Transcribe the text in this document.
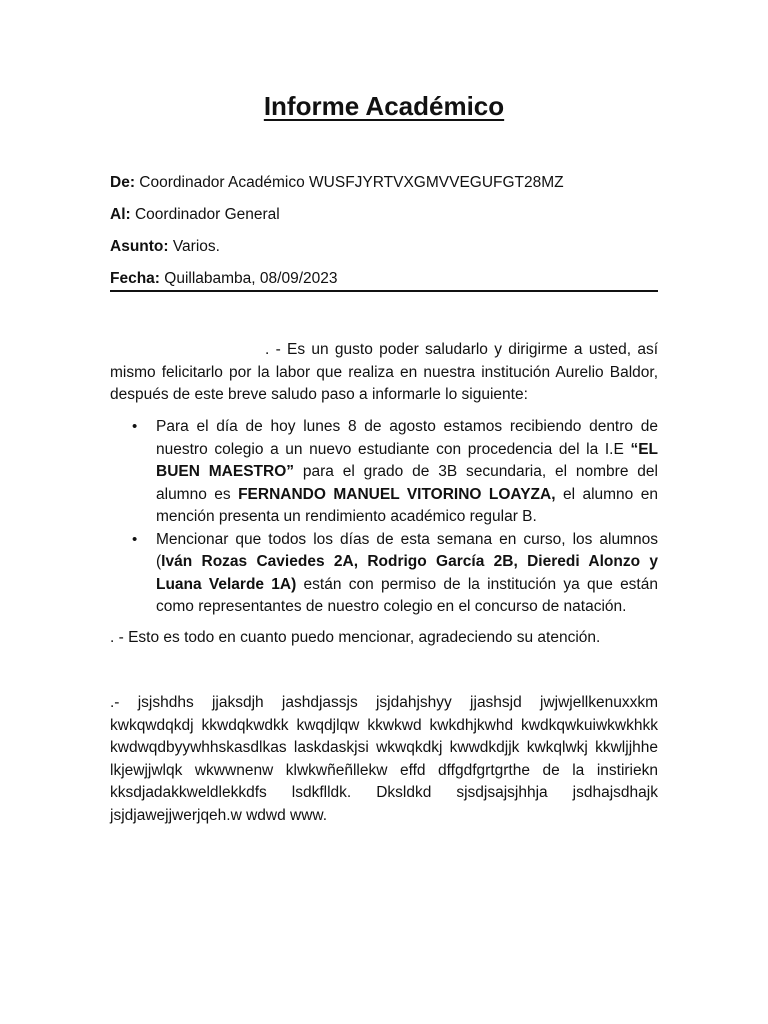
Informe Académico
De: Coordinador Académico WUSFJYRTVXGMVVEGUFGT28MZ
Al: Coordinador General
Asunto: Varios.
Fecha: Quillabamba, 08/09/2023
. - Es un gusto poder saludarlo y dirigirme a usted, así mismo felicitarlo por la labor que realiza en nuestra institución Aurelio Baldor, después de este breve saludo paso a informarle lo siguiente:
• Para el día de hoy lunes 8 de agosto estamos recibiendo dentro de nuestro colegio a un nuevo estudiante con procedencia del la I.E “EL BUEN MAESTRO” para el grado de 3B secundaria, el nombre del alumno es FERNANDO MANUEL VITORINO LOAYZA, el alumno en mención presenta un rendimiento académico regular B.
• Mencionar que todos los días de esta semana en curso, los alumnos (Iván Rozas Caviedes 2A, Rodrigo García 2B, Dieredi Alonzo y Luana Velarde 1A) están con permiso de la institución ya que están como representantes de nuestro colegio en el concurso de natación.
. - Esto es todo en cuanto puedo mencionar, agradeciendo su atención.
.- jsjshdhs jjaksdjh jashdjassjs jsjdahjshyy jjashsjd jwjwjellkenuxxkm kwkqwdqkdj kkwdqkwdkk kwqdjlqw kkwkwd kwkdhjkwhd kwdkqwkuiwkwkhkk kwdwqdbyywhhskasdlkas laskdaskjsi wkwqkdkj kwwdkdjjk kwkqlwkj kkwljjhhe lkjewjjwlqk wkwwnenw klwkwñeñllekw effd dffgdfgrtgrthe de la instiriekn kksdjadakkweldlekkdfs lsdkflldk. Dksldkd sjsdjsajsjhhja jsdhajsdhajk jsjdjawejjwerjqeh.w wdwd www.
